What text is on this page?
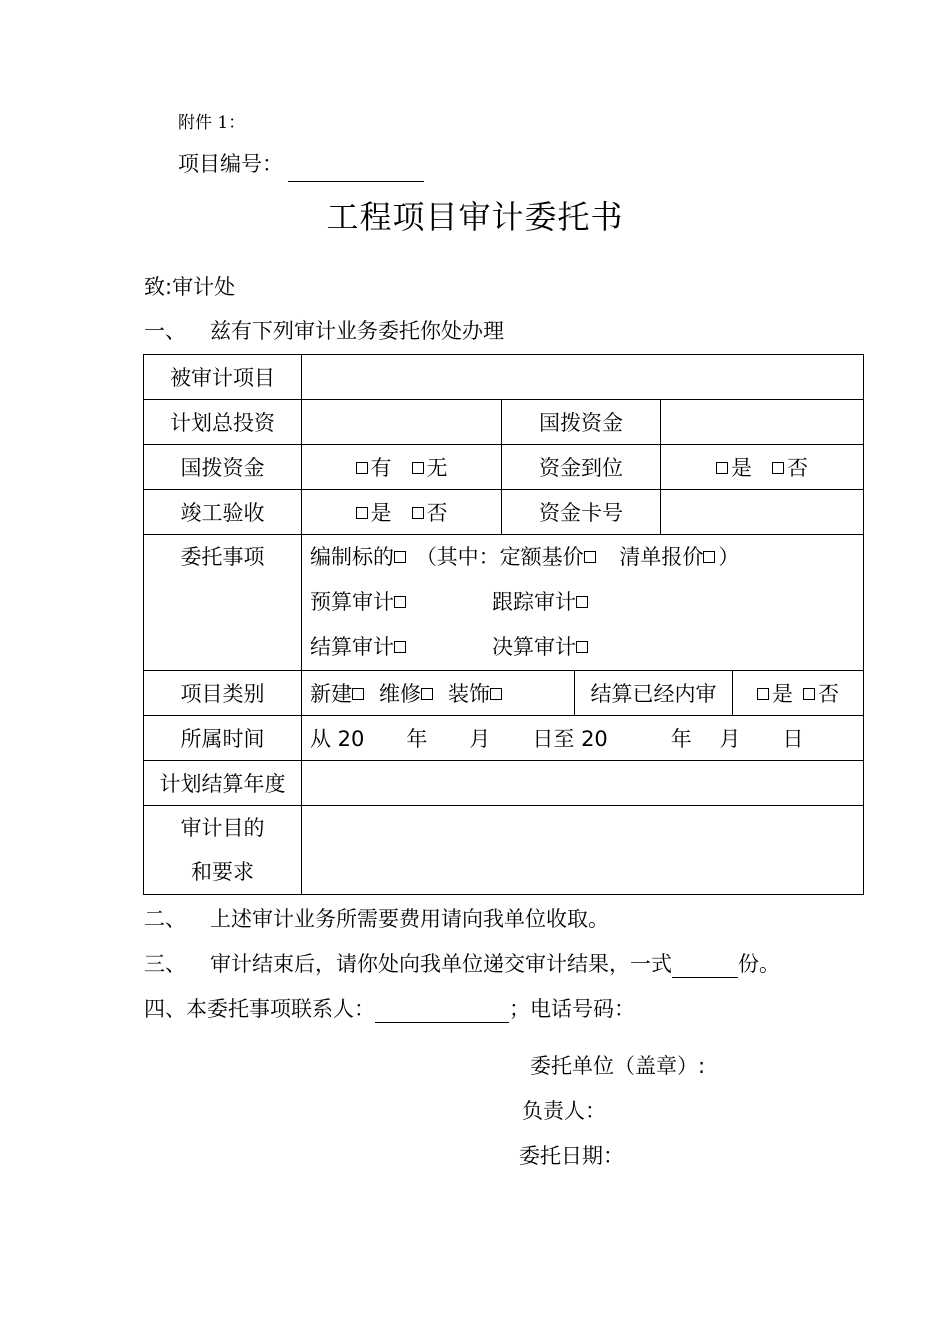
附件 1：
项目编号：
工程项目审计委托书
致:审计处
一、 兹有下列审计业务委托你处办理
被审计项目					
计划总投资		国拨资金			
国拨资金	有 无	资金到位		是 否	
竣工验收	是 否	资金卡号			
委托事项	编制标的 （其中：定额基价 清单报价 ）
预算审计 跟踪审计
结算审计 决算审计				

项目类别	新建 维修 装饰		结算已经内审		是 否
所属时间	从 20　　年　　月　　日至 20　　　年　 月　　日				
计划结算年度					

审计目的
和要求					

二、 上述审计业务所需要费用请向我单位收取。
三、 审计结束后，请你处向我单位递交审计结果，一式	份。
四、本委托事项联系人：	；电话号码：
委托单位（盖章）:
负责人：
委托日期：
